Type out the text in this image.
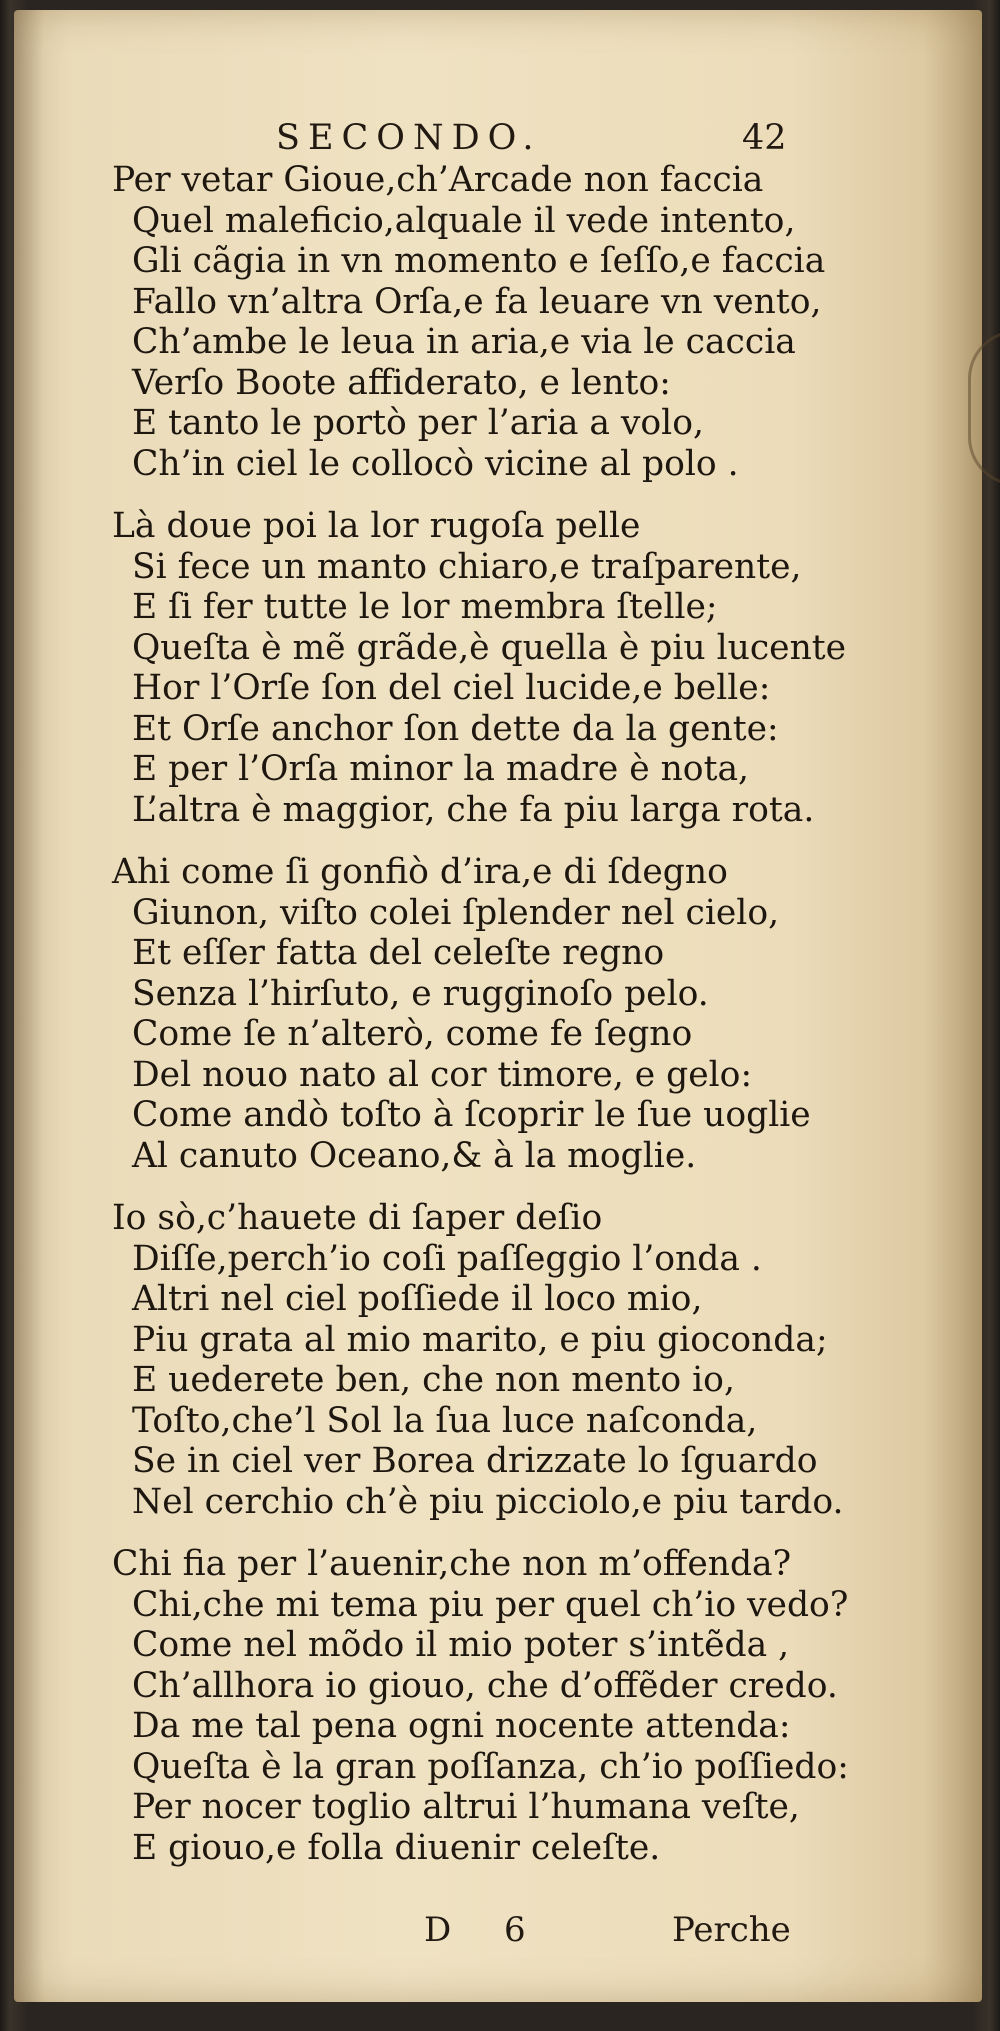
SECONDO.	42
Per vetar Gioue,ch’Arcade non faccia
Quel maleficio,alquale il vede intento,
Gli cãgia in vn momento e ſeſſo,e faccia
Fallo vn’altra Orſa,e fa leuare vn vento,
Ch’ambe le leua in aria,e via le caccia
Verſo Boote affiderato, e lento:
E tanto le portò per l’aria a volo,
Ch’in ciel le collocò vicine al polo .
Là doue poi la lor rugoſa pelle
Si fece un manto chiaro,e traſparente,
E ſi fer tutte le lor membra ſtelle;
Queſta è mẽ grãde,è quella è piu lucente
Hor l’Orſe ſon del ciel lucide,e belle:
Et Orſe anchor ſon dette da la gente:
E per l’Orſa minor la madre è nota,
L’altra è maggior, che fa piu larga rota.
Ahi come ſi gonfiò d’ira,e di ſdegno
Giunon, viſto colei ſplender nel cielo,
Et eſſer fatta del celeſte regno
Senza l’hirſuto, e rugginoſo pelo.
Come ſe n’alterò, come fe ſegno
Del nouo nato al cor timore, e gelo:
Come andò toſto à ſcoprir le ſue uoglie
Al canuto Oceano,& à la moglie.
Io sò,c’hauete di ſaper deſio
Diſſe,perch’io coſi paſſeggio l’onda .
Altri nel ciel poſſiede il loco mio,
Piu grata al mio marito, e piu gioconda;
E uederete ben, che non mento io,
Toſto,che’l Sol la ſua luce naſconda,
Se in ciel ver Borea drizzate lo ſguardo
Nel cerchio ch’è piu picciolo,e piu tardo.
Chi fia per l’auenir,che non m’offenda?
Chi,che mi tema piu per quel ch’io vedo?
Come nel mõdo il mio poter s’intẽda ,
Ch’allhora io giouo, che d’offẽder credo.
Da me tal pena ogni nocente attenda:
Queſta è la gran poſſanza, ch’io poſſiedo:
Per nocer toglio altrui l’humana veſte,
E giouo,e folla diuenir celeſte.
D 6	Perche
